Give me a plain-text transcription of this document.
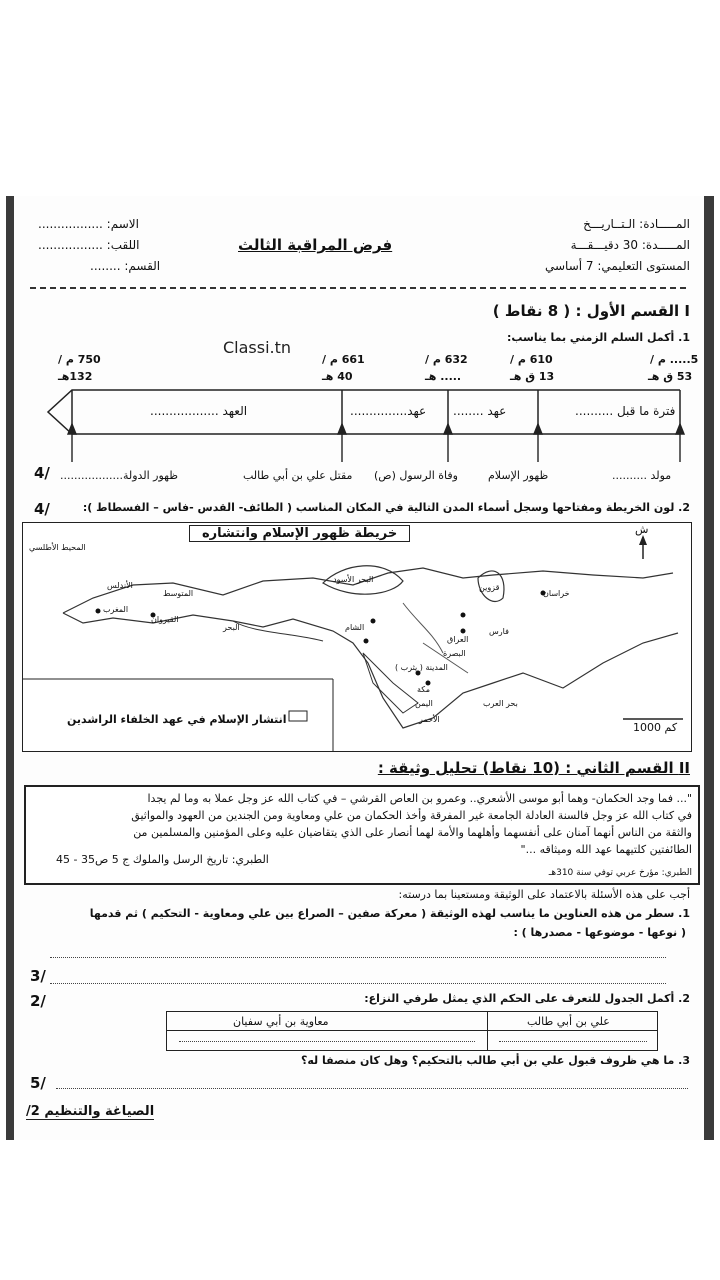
المـــــادة: الـتــاريـــخ
المـــــدة: 30 دقيـــقـــة
المستوى التعليمي: 7 أساسي
فرض المراقبة الثالث
الاسم: .................
اللقب: .................
القسم: ........
I القسم الأول : ( 8 نقاط )
1. أكمل السلم الزمني بما يناسب:
Classi.tn
5..... م /
610 م /
632 م /
661 م /
750 م /
53 ق هـ
13 ق هـ
..... هـ
40 هـ
132هـ
فترة ما قبل ..........
عهد ........
عهد...............
العهد ..................
مولد ..........
ظهور الإسلام
وفاة الرسول (ص)
مقتل علي بن أبي طالب
ظهور الدولة..................
4/
2. لون الخريطة ومفتاحها وسجل أسماء المدن التالية في المكان المناسب ( الطائف- القدس -فاس – الفسطاط ):
4/
خريطة ظهور الإسلام وانتشاره	ش
انتشار الإسلام في عهد الخلفاء الراشدين
1000 كم
المحيط الأطلسي
الأندلس
المتوسط
المغرب
القيروان
البحر
البحر الأسود
الشام
العراق
البصرة
فارس
خراسان
قزوين
المدينة ( يثرب )
مكة
اليمن
الأحمر
بحر العرب
II القسم الثاني : (10 نقاط) تحليل وثيقة :

"... فما وجد الحكمان- وهما أبو موسى الأشعري.. وعمرو بن العاص القرشي – في كتاب الله عز وجل عملا به وما لم يجدا

في كتاب الله عز وجل فالسنة العادلة الجامعة غير المفرقة وأخذ الحكمان من علي ومعاوية ومن الجندين من العهود والمواثيق

والثقة من الناس أنهما آمنان على أنفسهما وأهلهما والأمة لهما أنصار على الذي يتقاضيان عليه وعلى المؤمنين والمسلمين من

الطائفتين كلتيهما عهد الله وميثاقه ..."

الطبري: تاريخ الرسل والملوك ج 5 ص35 - 45
الطبري: مؤرخ عربي توفي سنة 310هـ
أجب على هذه الأسئلة بالاعتماد على الوثيقة ومستعينا بما درسته:
1. سطر من هذه العناوين ما يناسب لهذه الوثيقة ( معركة صفين – الصراع بين علي ومعاوية - التحكيم ) ثم قدمها
( نوعها - موضوعها - مصدرها ) :
3/
2. أكمل الجدول للتعرف على الحكم الذي يمثل طرفي النزاع:
2/
علي بن أبي طالب
معاوية بن أبي سفيان
3. ما هي ظروف قبول علي بن أبي طالب بالتحكيم؟ وهل كان منصفا له؟
5/
الصياغة والتنظيم 2/
